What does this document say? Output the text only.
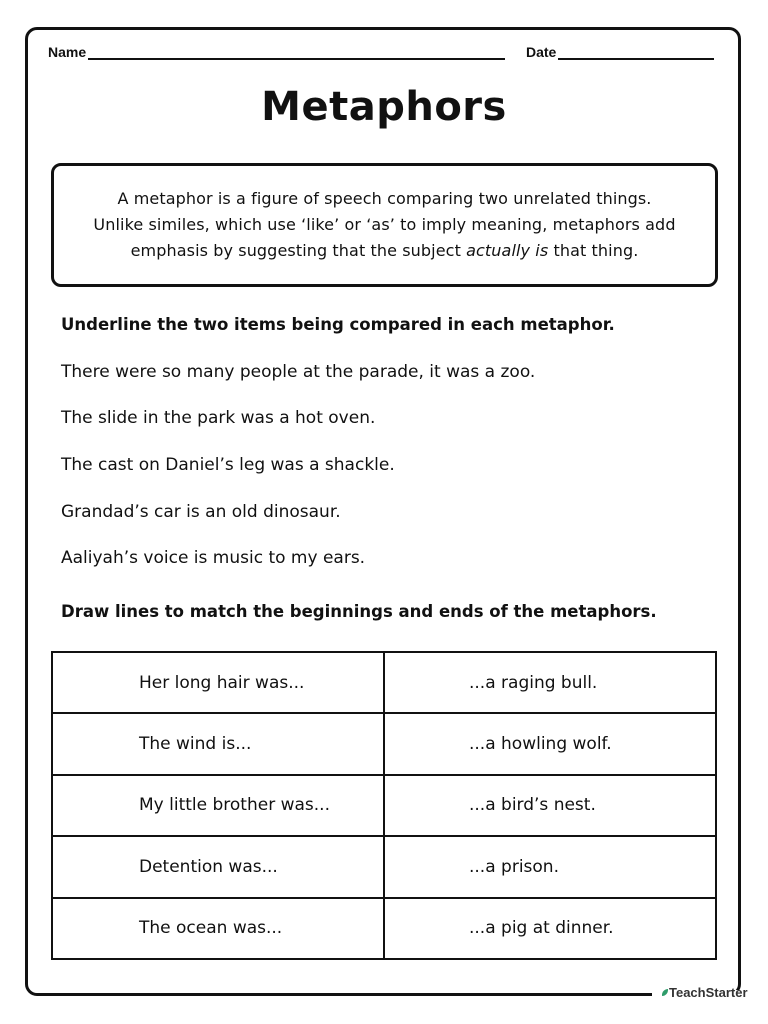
Name	Date
Metaphors
A metaphor is a figure of speech comparing two unrelated things.
Unlike similes, which use ‘like’ or ‘as’ to imply meaning, metaphors add
emphasis by suggesting that the subject actually is that thing.
Underline the two items being compared in each metaphor.
There were so many people at the parade, it was a zoo.
The slide in the park was a hot oven.
The cast on Daniel’s leg was a shackle.
Grandad’s car is an old dinosaur.
Aaliyah’s voice is music to my ears.
Draw lines to match the beginnings and ends of the metaphors.
Her long hair was...	...a raging bull.
The wind is...	...a howling wolf.
My little brother was...	...a bird’s nest.
Detention was...	...a prison.
The ocean was...	...a pig at dinner.
TeachStarter
